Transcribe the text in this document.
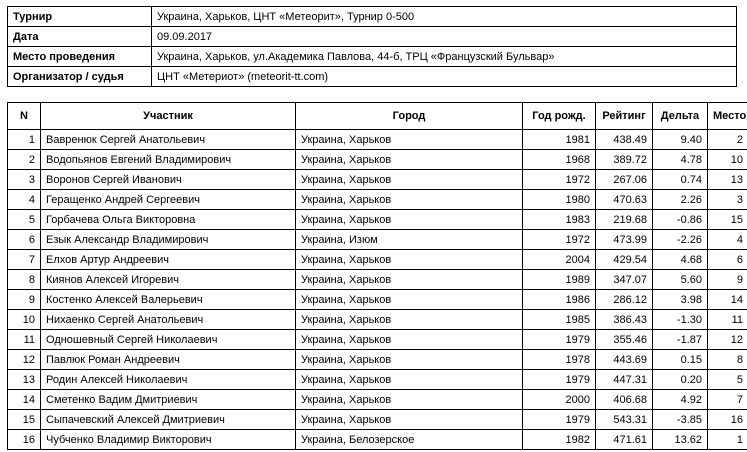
Турнир	Украина, Харьков, ЦНТ «Метеорит», Турнир 0-500
Дата	09.09.2017
Место проведения	Украина, Харьков, ул.Академика Павлова, 44-б, ТРЦ «Французский Бульвар»
Организатор / судья	ЦНТ «Метериот» (meteorit-tt.com)
N	Участник	Город	Год рожд.	Рейтинг	Дельта	Место
1	Вавренюк Сергей Анатольевич	Украина, Харьков	1981	438.49	9.40	2
2	Водопьянов Евгений Владимирович	Украина, Харьков	1968	389.72	4.78	10
3	Воронов Сергей Иванович	Украина, Харьков	1972	267.06	0.74	13
4	Геращенко Андрей Сергеевич	Украина, Харьков	1980	470.63	2.26	3
5	Горбачева Ольга Викторовна	Украина, Харьков	1983	219.68	-0.86	15
6	Езык Александр Владимирович	Украина, Изюм	1972	473.99	-2.26	4
7	Елхов Артур Андреевич	Украина, Харьков	2004	429.54	4.68	6
8	Киянов Алексей Игоревич	Украина, Харьков	1989	347.07	5.60	9
9	Костенко Алексей Валерьевич	Украина, Харьков	1986	286.12	3.98	14
10	Нихаенко Сергей Анатольевич	Украина, Харьков	1985	386.43	-1.30	11
11	Одношевный Сергей Николаевич	Украина, Харьков	1979	355.46	-1.87	12
12	Павлюк Роман Андреевич	Украина, Харьков	1978	443.69	0.15	8
13	Родин Алексей Николаевич	Украина, Харьков	1979	447.31	0.20	5
14	Сметенко Вадим Дмитриевич	Украина, Харьков	2000	406.68	4.92	7
15	Сыпачевский Алексей Дмитриевич	Украина, Харьков	1979	543.31	-3.85	16
16	Чубченко Владимир Викторович	Украина, Белозерское	1982	471.61	13.62	1
